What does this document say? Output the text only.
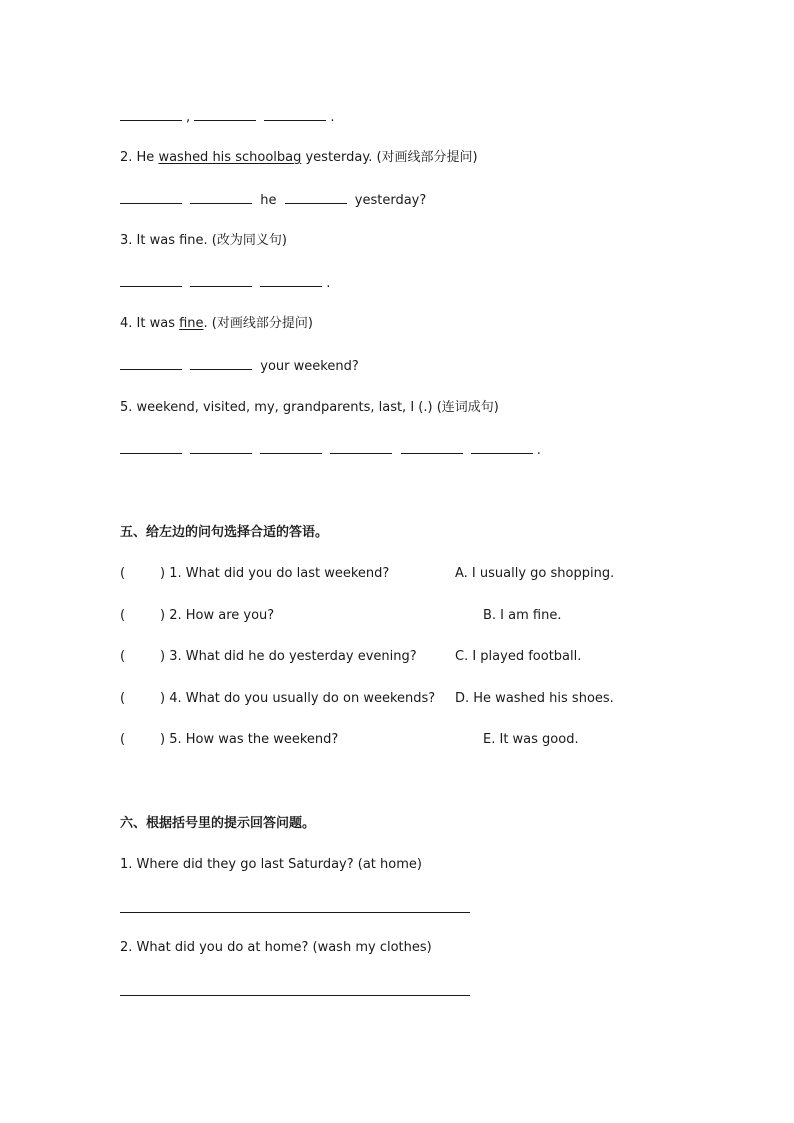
,	.
2. He washed his schoolbag yesterday. (对画线部分提问)
he	yesterday?
3. It was fine. (改为同义句)
.
4. It was fine. (对画线部分提问)
your weekend?
5. weekend, visited, my, grandparents, last, I (.) (连词成句)
.
五、给左边的问句选择合适的答语。
(	) 1. What did you do last weekend?	A. I usually go shopping.
(	) 2. How are you?	B. I am fine.
(	) 3. What did he do yesterday evening?	C. I played football.
(	) 4. What do you usually do on weekends? D. He washed his shoes.
(	) 5. How was the weekend?	E. It was good.
六、根据括号里的提示回答问题。
1. Where did they go last Saturday? (at home)
2. What did you do at home? (wash my clothes)
